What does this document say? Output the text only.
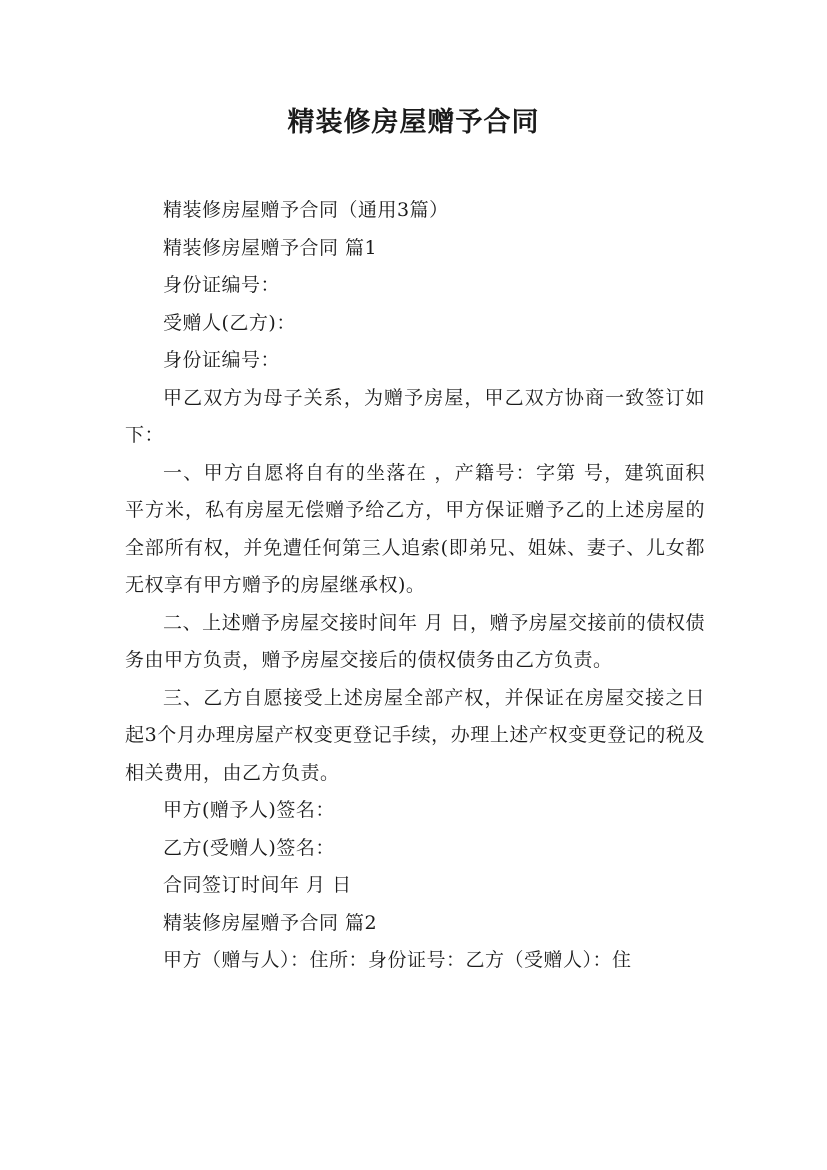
精装修房屋赠予合同

精装修房屋赠予合同（通用3篇）

精装修房屋赠予合同 篇1

身份证编号：

受赠人(乙方)：

身份证编号：

甲乙双方为母子关系，为赠予房屋，甲乙双方协商一致签订如下：

一、甲方自愿将自有的坐落在 ，产籍号：字第 号，建筑面积 平方米，私有房屋无偿赠予给乙方，甲方保证赠予乙的上述房屋的全部所有权，并免遭任何第三人追索(即弟兄、姐妹、妻子、儿女都无权享有甲方赠予的房屋继承权)。

二、上述赠予房屋交接时间年 月 日，赠予房屋交接前的债权债务由甲方负责，赠予房屋交接后的债权债务由乙方负责。

三、乙方自愿接受上述房屋全部产权，并保证在房屋交接之日起3个月办理房屋产权变更登记手续，办理上述产权变更登记的税及相关费用，由乙方负责。

甲方(赠予人)签名：

乙方(受赠人)签名：

合同签订时间年 月 日

精装修房屋赠予合同 篇2

甲方（赠与人）：住所：身份证号：乙方（受赠人）：住
